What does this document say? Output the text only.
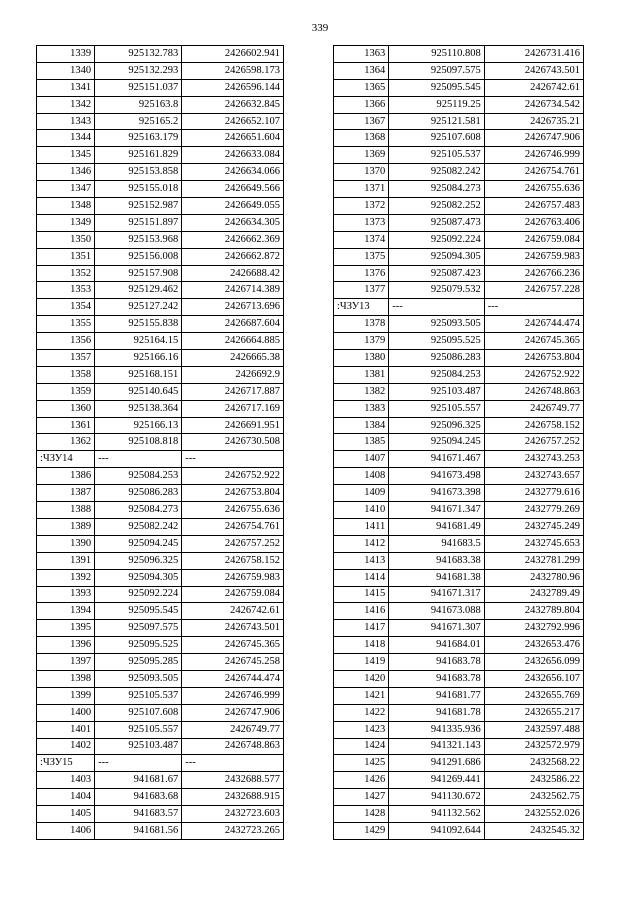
339
1339	925132.783	2426602.941
1340	925132.293	2426598.173
1341	925151.037	2426596.144
1342	925163.8	2426632.845
1343	925165.2	2426652.107
1344	925163.179	2426651.604
1345	925161.829	2426633.084
1346	925153.858	2426634.066
1347	925155.018	2426649.566
1348	925152.987	2426649.055
1349	925151.897	2426634.305
1350	925153.968	2426662.369
1351	925156.008	2426662.872
1352	925157.908	2426688.42
1353	925129.462	2426714.389
1354	925127.242	2426713.696
1355	925155.838	2426687.604
1356	925164.15	2426664.885
1357	925166.16	2426665.38
1358	925168.151	2426692.9
1359	925140.645	2426717.887
1360	925138.364	2426717.169
1361	925166.13	2426691.951
1362	925108.818	2426730.508
:ЧЗУ14	---	---
1386	925084.253	2426752.922
1387	925086.283	2426753.804
1388	925084.273	2426755.636
1389	925082.242	2426754.761
1390	925094.245	2426757.252
1391	925096.325	2426758.152
1392	925094.305	2426759.983
1393	925092.224	2426759.084
1394	925095.545	2426742.61
1395	925097.575	2426743.501
1396	925095.525	2426745.365
1397	925095.285	2426745.258
1398	925093.505	2426744.474
1399	925105.537	2426746.999
1400	925107.608	2426747.906
1401	925105.557	2426749.77
1402	925103.487	2426748.863
:ЧЗУ15	---	---
1403	941681.67	2432688.577
1404	941683.68	2432688.915
1405	941683.57	2432723.603
1406	941681.56	2432723.265
1363	925110.808	2426731.416
1364	925097.575	2426743.501
1365	925095.545	2426742.61
1366	925119.25	2426734.542
1367	925121.581	2426735.21
1368	925107.608	2426747.906
1369	925105.537	2426746.999
1370	925082.242	2426754.761
1371	925084.273	2426755.636
1372	925082.252	2426757.483
1373	925087.473	2426763.406
1374	925092.224	2426759.084
1375	925094.305	2426759.983
1376	925087.423	2426766.236
1377	925079.532	2426757.228
:ЧЗУ13	---	---
1378	925093.505	2426744.474
1379	925095.525	2426745.365
1380	925086.283	2426753.804
1381	925084.253	2426752.922
1382	925103.487	2426748.863
1383	925105.557	2426749.77
1384	925096.325	2426758.152
1385	925094.245	2426757.252
1407	941671.467	2432743.253
1408	941673.498	2432743.657
1409	941673.398	2432779.616
1410	941671.347	2432779.269
1411	941681.49	2432745.249
1412	941683.5	2432745.653
1413	941683.38	2432781.299
1414	941681.38	2432780.96
1415	941671.317	2432789.49
1416	941673.088	2432789.804
1417	941671.307	2432792.996
1418	941684.01	2432653.476
1419	941683.78	2432656.099
1420	941683.78	2432656.107
1421	941681.77	2432655.769
1422	941681.78	2432655.217
1423	941335.936	2432597.488
1424	941321.143	2432572.979
1425	941291.686	2432568.22
1426	941269.441	2432586.22
1427	941130.672	2432562.75
1428	941132.562	2432552.026
1429	941092.644	2432545.32
